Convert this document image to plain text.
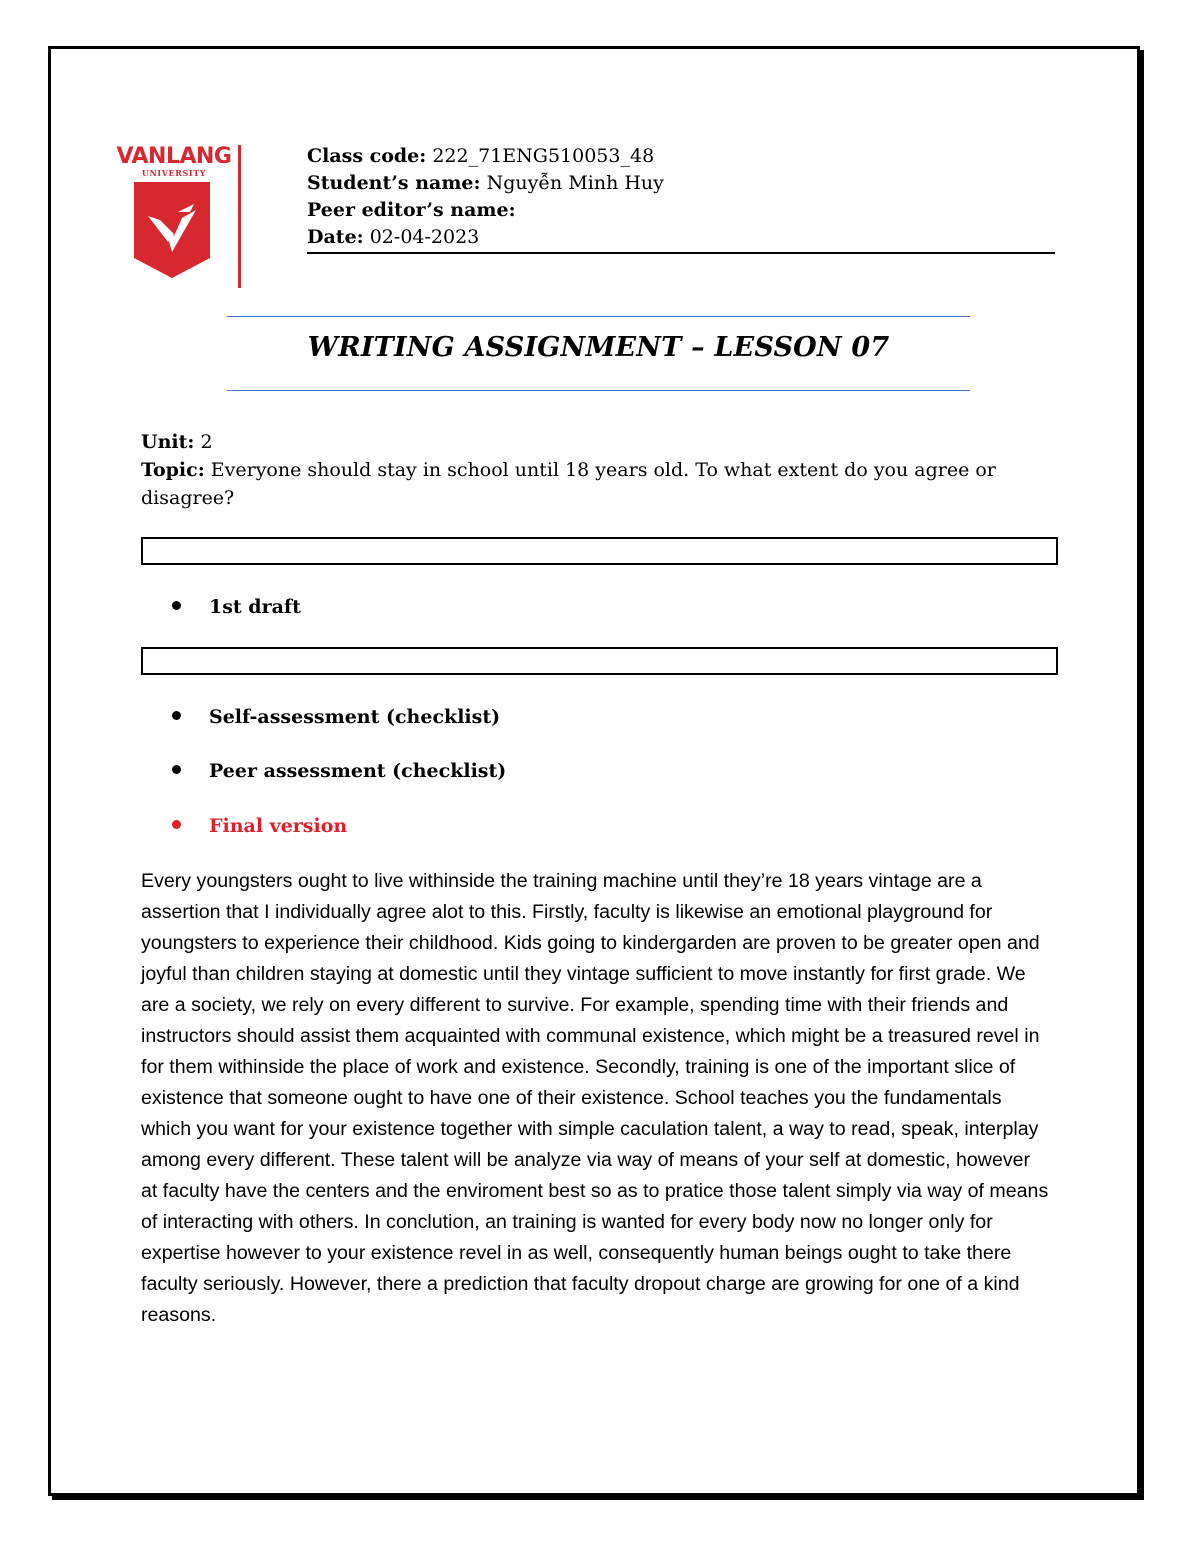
VANLANG
UNIVERSITY
Class code: 222_71ENG510053_48
Student’s name: Nguyễn Minh Huy
Peer editor’s name:
Date: 02-04-2023
WRITING ASSIGNMENT – LESSON 07
Unit: 2
Topic: Everyone should stay in school until 18 years old. To what extent do you agree or disagree?
1st draft
Self-assessment (checklist)
Peer assessment (checklist)
Final version
Every youngsters ought to live withinside the training machine until they’re 18 years vintage are a assertion that I individually agree alot to this. Firstly, faculty is likewise an emotional playground for youngsters to experience their childhood. Kids going to kindergarden are proven to be greater open and joyful than children staying at domestic until they vintage sufficient to move instantly for first grade. We are a society, we rely on every different to survive. For example, spending time with their friends and instructors should assist them acquainted with communal existence, which might be a treasured revel in for them withinside the place of work and existence. Secondly, training is one of the important slice of existence that someone ought to have one of their existence. School teaches you the fundamentals which you want for your existence together with simple caculation talent, a way to read, speak, interplay among every different. These talent will be analyze via way of means of your self at domestic, however at faculty have the centers and the enviroment best so as to pratice those talent simply via way of means of interacting with others. In conclution, an training is wanted for every body now no longer only for expertise however to your existence revel in as well, consequently human beings ought to take there faculty seriously. However, there a prediction that faculty dropout charge are growing for one of a kind reasons.
